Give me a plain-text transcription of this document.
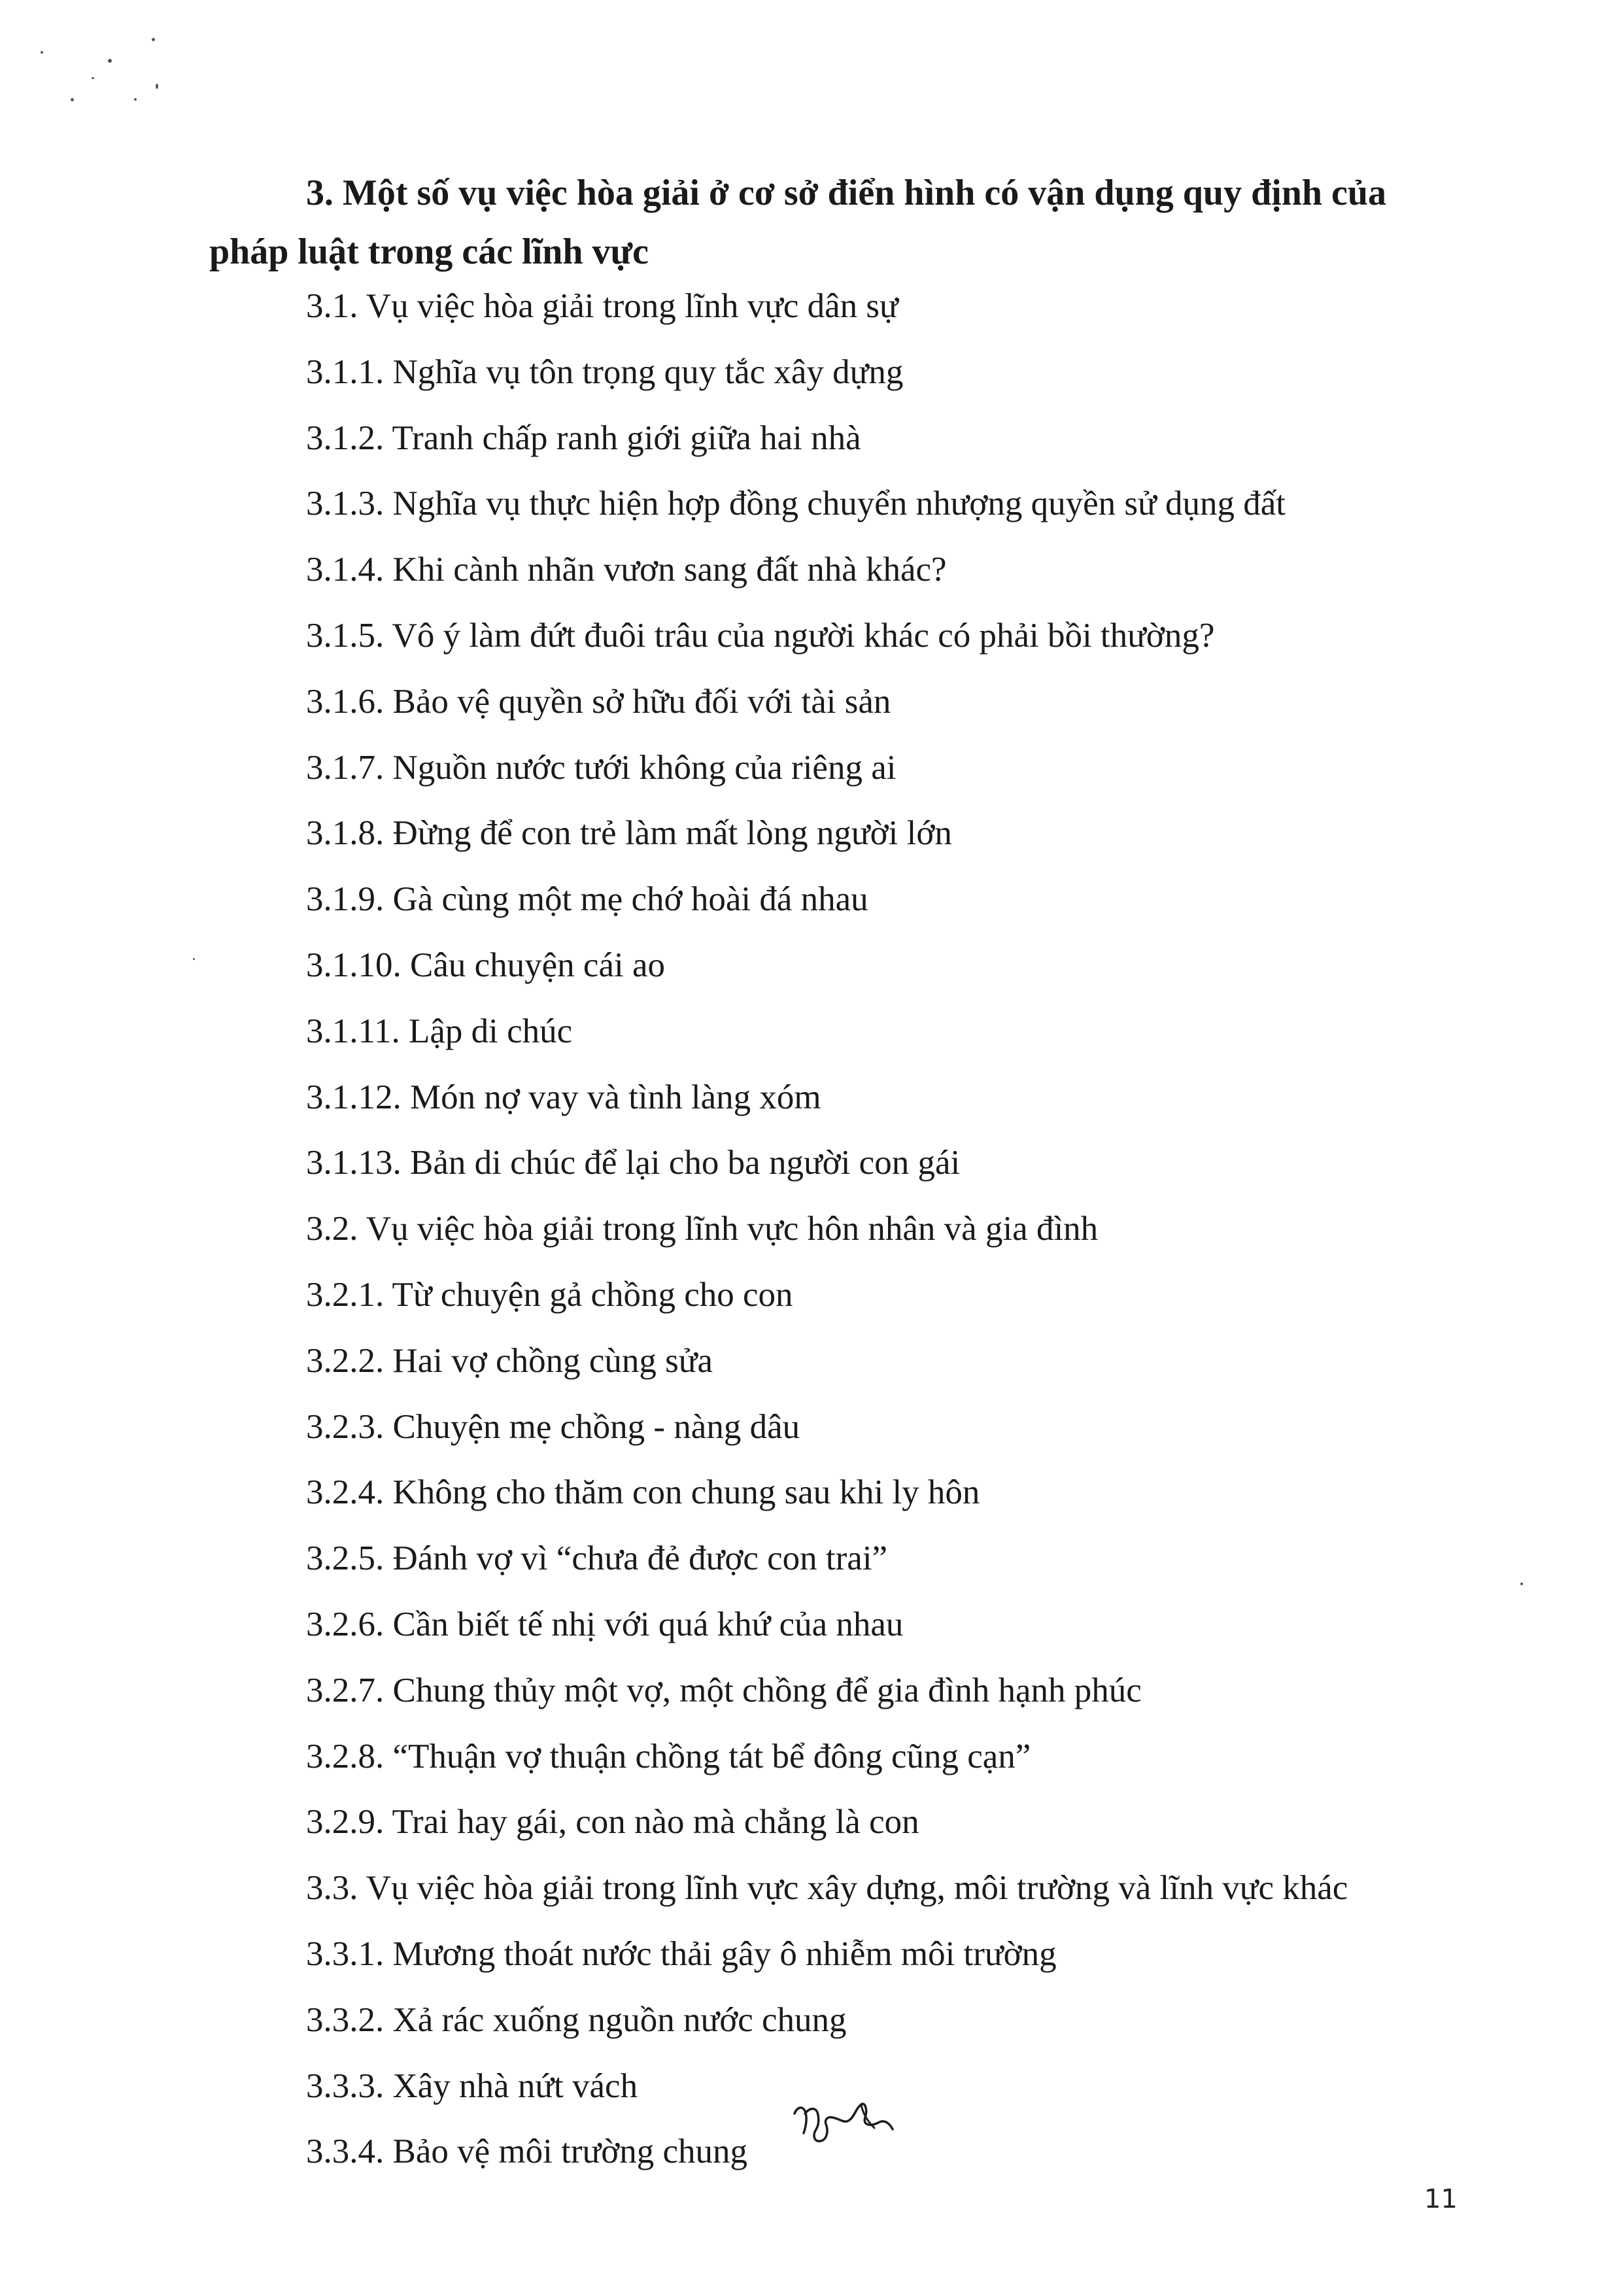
3. Một số vụ việc hòa giải ở cơ sở điển hình có vận dụng quy định của
pháp luật trong các lĩnh vực
3.1. Vụ việc hòa giải trong lĩnh vực dân sự
3.1.1. Nghĩa vụ tôn trọng quy tắc xây dựng
3.1.2. Tranh chấp ranh giới giữa hai nhà
3.1.3. Nghĩa vụ thực hiện hợp đồng chuyển nhượng quyền sử dụng đất
3.1.4. Khi cành nhãn vươn sang đất nhà khác?
3.1.5. Vô ý làm đứt đuôi trâu của người khác có phải bồi thường?
3.1.6. Bảo vệ quyền sở hữu đối với tài sản
3.1.7. Nguồn nước tưới không của riêng ai
3.1.8. Đừng để con trẻ làm mất lòng người lớn
3.1.9. Gà cùng một mẹ chớ hoài đá nhau
3.1.10. Câu chuyện cái ao
3.1.11. Lập di chúc
3.1.12. Món nợ vay và tình làng xóm
3.1.13. Bản di chúc để lại cho ba người con gái
3.2. Vụ việc hòa giải trong lĩnh vực hôn nhân và gia đình
3.2.1. Từ chuyện gả chồng cho con
3.2.2. Hai vợ chồng cùng sửa
3.2.3. Chuyện mẹ chồng - nàng dâu
3.2.4. Không cho thăm con chung sau khi ly hôn
3.2.5. Đánh vợ vì “chưa đẻ được con trai”
3.2.6. Cần biết tế nhị với quá khứ của nhau
3.2.7. Chung thủy một vợ, một chồng để gia đình hạnh phúc
3.2.8. “Thuận vợ thuận chồng tát bể đông cũng cạn”
3.2.9. Trai hay gái, con nào mà chẳng là con
3.3. Vụ việc hòa giải trong lĩnh vực xây dựng, môi trường và lĩnh vực khác
3.3.1. Mương thoát nước thải gây ô nhiễm môi trường
3.3.2. Xả rác xuống nguồn nước chung
3.3.3. Xây nhà nứt vách
3.3.4. Bảo vệ môi trường chung
11
